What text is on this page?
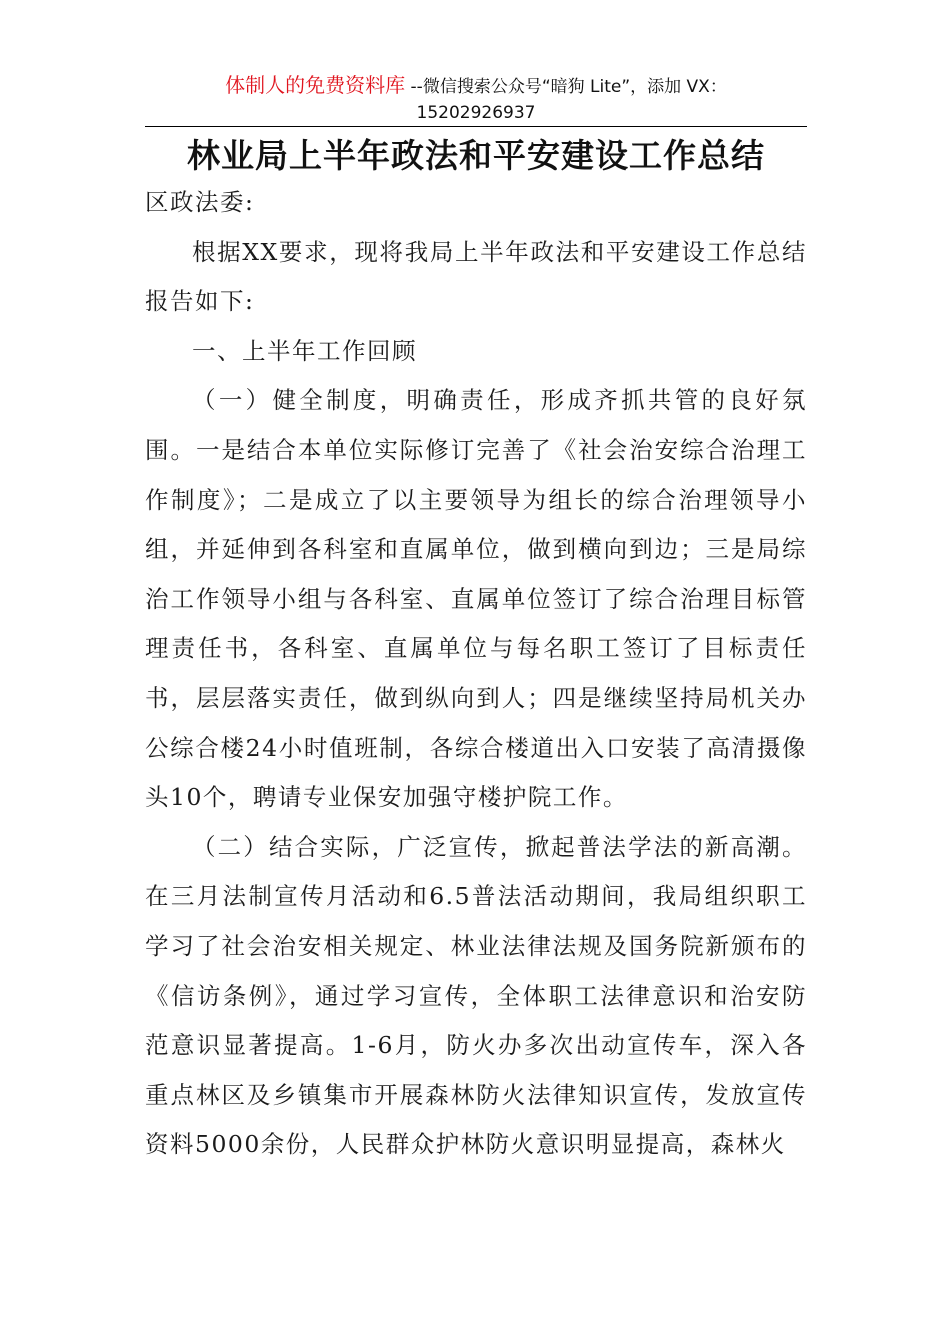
体制人的免费资料库 --微信搜索公众号“暗狗 Lite”，添加 VX：
15202926937
林业局上半年政法和平安建设工作总结

区政法委:

根据XX要求，现将我局上半年政法和平安建设工作总结报告如下:

一、上半年工作回顾

（一）健全制度，明确责任，形成齐抓共管的良好氛围。一是结合本单位实际修订完善了《社会治安综合治理工作制度》；二是成立了以主要领导为组长的综合治理领导小组，并延伸到各科室和直属单位，做到横向到边；三是局综治工作领导小组与各科室、直属单位签订了综合治理目标管理责任书，各科室、直属单位与每名职工签订了目标责任书，层层落实责任，做到纵向到人；四是继续坚持局机关办公综合楼24小时值班制，各综合楼道出入口安装了高清摄像头10个，聘请专业保安加强守楼护院工作。

（二）结合实际，广泛宣传，掀起普法学法的新高潮。在三月法制宣传月活动和6.5普法活动期间，我局组织职工学习了社会治安相关规定、林业法律法规及国务院新颁布的《信访条例》，通过学习宣传，全体职工法律意识和治安防范意识显著提高。1-6月，防火办多次出动宣传车，深入各重点林区及乡镇集市开展森林防火法律知识宣传，发放宣传资料5000余份，人民群众护林防火意识明显提高，森林火
